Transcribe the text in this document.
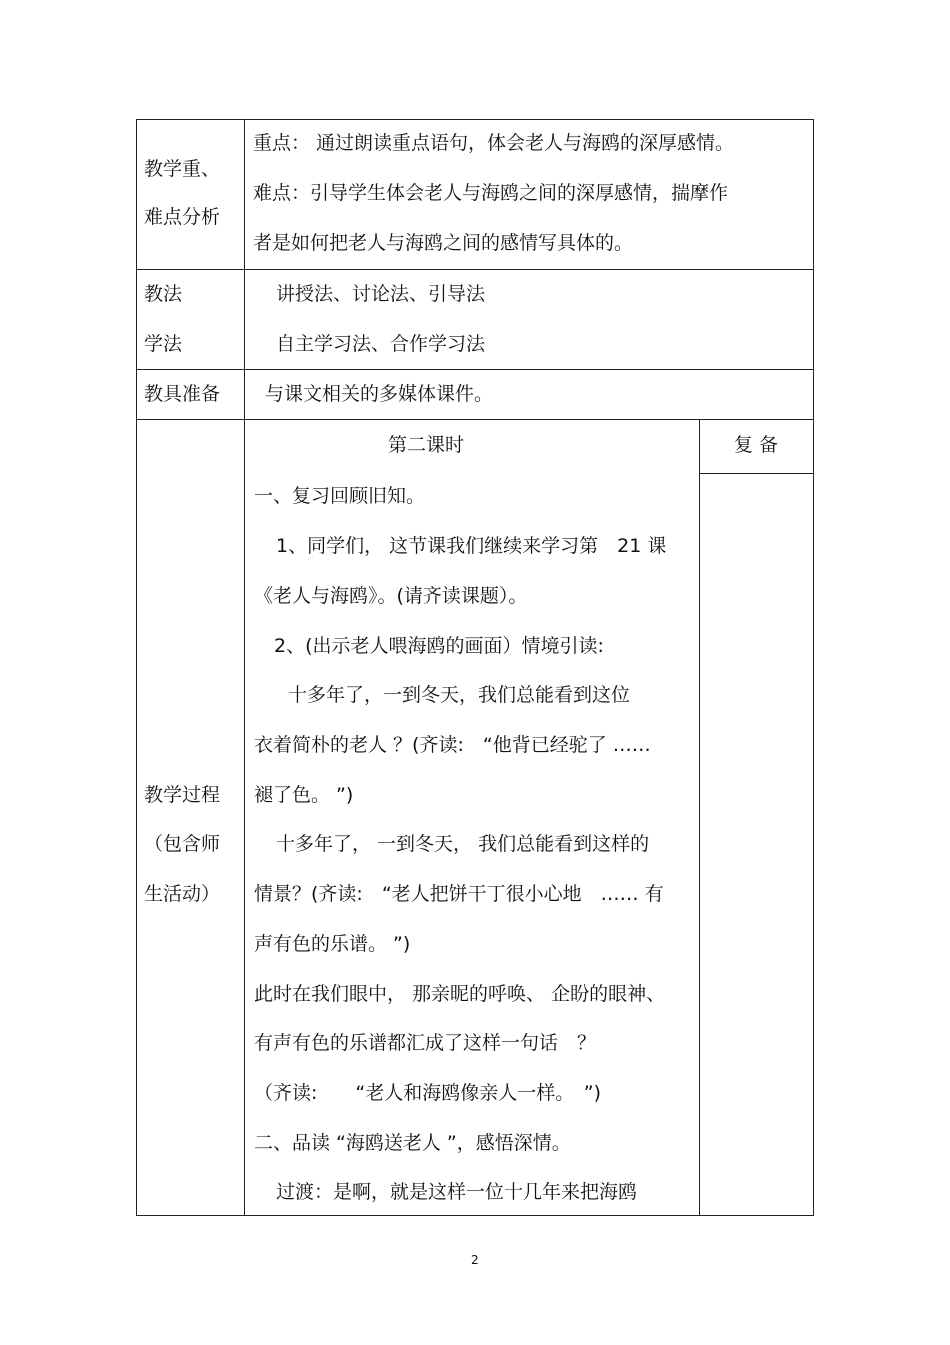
教学重、
难点分析
重点： 通过朗读重点语句，体会老人与海鸥的深厚感情。
难点：引导学生体会老人与海鸥之间的深厚感情，揣摩作
者是如何把老人与海鸥之间的感情写具体的。
教法
学法
讲授法、讨论法、引导法
自主学习法、合作学习法
教具准备 与课文相关的多媒体课件。
教学过程
（包含师
生活动）
第二课时	复 备
一、复习回顾旧知。
1、同学们， 这节课我们继续来学习第　21 课
《老人与海鸥》。(请齐读课题）。
2、(出示老人喂海鸥的画面）情境引读:
十多年了，一到冬天，我们总能看到这位
衣着简朴的老人 ？(齐读:　“他背已经驼了 ……
褪了色。 ”)
十多年了， 一到冬天， 我们总能看到这样的
情景？(齐读:　“老人把饼干丁很小心地　…… 有
声有色的乐谱。 ”)
此时在我们眼中， 那亲昵的呼唤、 企盼的眼神、
有声有色的乐谱都汇成了这样一句话　？
（齐读:　　“老人和海鸥像亲人一样。　”)
二、品读 “海鸥送老人 ”，感悟深情。
过渡：是啊，就是这样一位十几年来把海鸥
2
